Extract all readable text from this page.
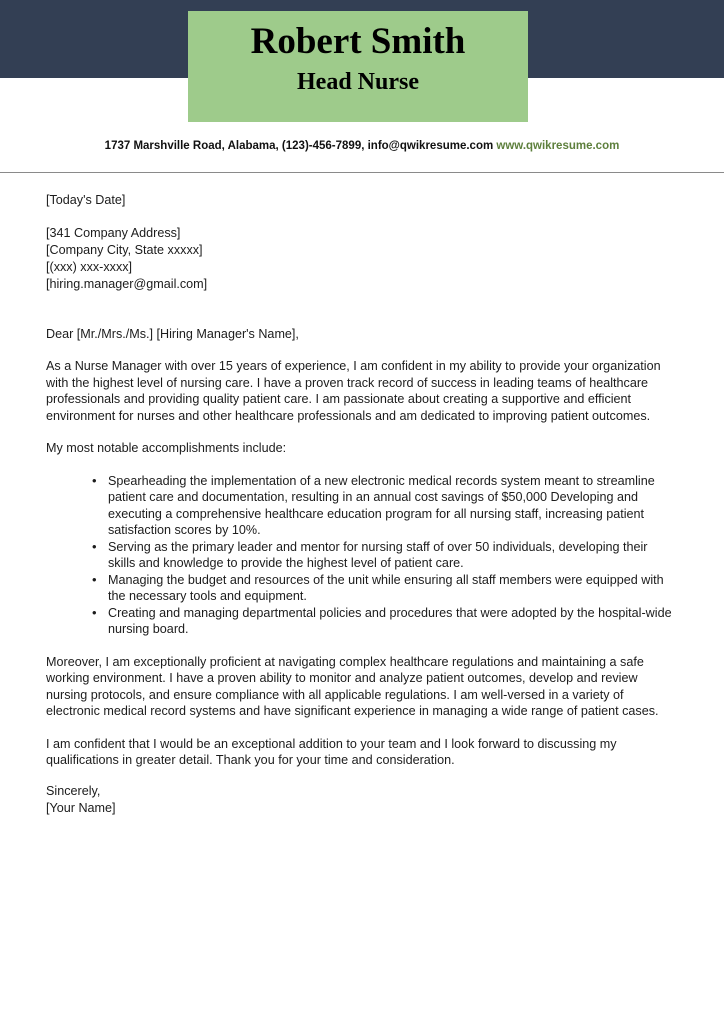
Robert Smith
Head Nurse
1737 Marshville Road, Alabama, (123)-456-7899, info@qwikresume.com www.qwikresume.com
[Today's Date]
[341 Company Address]
[Company City, State xxxxx]
[(xxx) xxx-xxxx]
[hiring.manager@gmail.com]
Dear [Mr./Mrs./Ms.] [Hiring Manager's Name],

As a Nurse Manager with over 15 years of experience, I am confident in my ability to provide your organization with the highest level of nursing care. I have a proven track record of success in leading teams of healthcare professionals and providing quality patient care. I am passionate about creating a supportive and efficient environment for nurses and other healthcare professionals and am dedicated to improving patient outcomes.

My most notable accomplishments include:

• Spearheading the implementation of a new electronic medical records system meant to streamline patient care and documentation, resulting in an annual cost savings of $50,000 Developing and executing a comprehensive healthcare education program for all nursing staff, increasing patient satisfaction scores by 10%.
• Serving as the primary leader and mentor for nursing staff of over 50 individuals, developing their skills and knowledge to provide the highest level of patient care.
• Managing the budget and resources of the unit while ensuring all staff members were equipped with the necessary tools and equipment.
• Creating and managing departmental policies and procedures that were adopted by the hospital-wide nursing board.

Moreover, I am exceptionally proficient at navigating complex healthcare regulations and maintaining a safe working environment. I have a proven ability to monitor and analyze patient outcomes, develop and review nursing protocols, and ensure compliance with all applicable regulations. I am well-versed in a variety of electronic medical record systems and have significant experience in managing a wide range of patient cases.

I am confident that I would be an exceptional addition to your team and I look forward to discussing my qualifications in greater detail. Thank you for your time and consideration.

Sincerely,
[Your Name]
